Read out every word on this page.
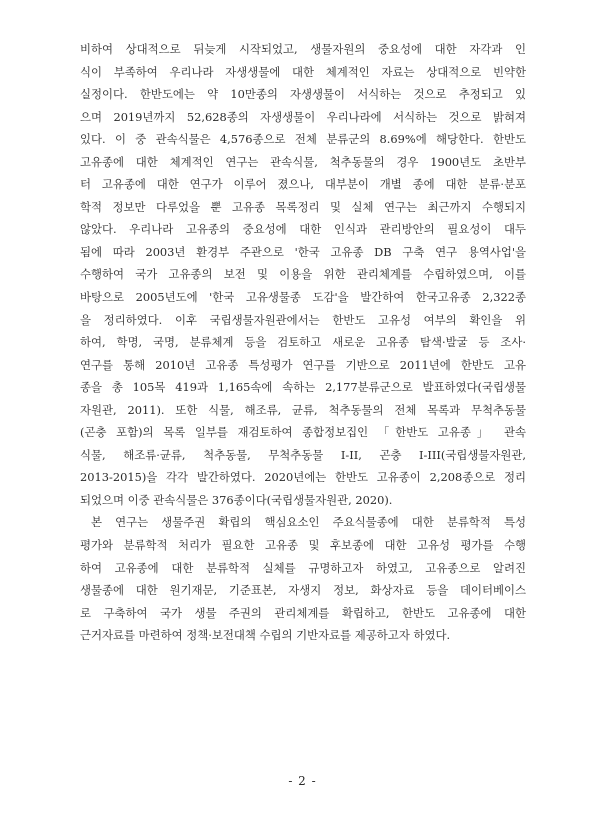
비하여 상대적으로 뒤늦게 시작되었고, 생물자원의 중요성에 대한 자각과 인
식이 부족하여 우리나라 자생생물에 대한 체계적인 자료는 상대적으로 빈약한
실정이다. 한반도에는 약 10만종의 자생생물이 서식하는 것으로 추정되고 있
으며 2019년까지 52,628종의 자생생물이 우리나라에 서식하는 것으로 밝혀져
있다. 이 중 관속식물은 4,576종으로 전체 분류군의 8.69%에 해당한다. 한반도
고유종에 대한 체계적인 연구는 관속식물, 척추동물의 경우 1900년도 초반부
터 고유종에 대한 연구가 이루어 졌으나, 대부분이 개별 종에 대한 분류·분포
학적 정보만 다루었을 뿐 고유종 목록정리 및 실체 연구는 최근까지 수행되지
않았다. 우리나라 고유종의 중요성에 대한 인식과 관리방안의 필요성이 대두
됨에 따라 2003년 환경부 주관으로 '한국 고유종 DB 구축 연구 용역사업'을
수행하여 국가 고유종의 보전 및 이용을 위한 관리체계를 수립하였으며, 이를
바탕으로 2005년도에 '한국 고유생물종 도감'을 발간하여 한국고유종 2,322종
을 정리하였다. 이후 국립생물자원관에서는 한반도 고유성 여부의 확인을 위
하여, 학명, 국명, 분류체계 등을 검토하고 새로운 고유종 탐색·발굴 등 조사·
연구를 통해 2010년 고유종 특성평가 연구를 기반으로 2011년에 한반도 고유
종을 총 105목 419과 1,165속에 속하는 2,177분류군으로 발표하였다(국립생물
자원관, 2011). 또한 식물, 해조류, 균류, 척추동물의 전체 목록과 무척추동물
(곤충 포함)의 목록 일부를 재검토하여 종합정보집인 「한반도 고유종」 관속
식물, 해조류·균류, 척추동물, 무척추동물 I-II, 곤충 I-III(국립생물자원관,
2013-2015)을 각각 발간하였다. 2020년에는 한반도 고유종이 2,208종으로 정리
되었으며 이중 관속식물은 376종이다(국립생물자원관, 2020).
본 연구는 생물주권 확립의 핵심요소인 주요식물종에 대한 분류학적 특성
평가와 분류학적 처리가 필요한 고유종 및 후보종에 대한 고유성 평가를 수행
하여 고유종에 대한 분류학적 실체를 규명하고자 하였고, 고유종으로 알려진
생물종에 대한 원기재문, 기준표본, 자생지 정보, 화상자료 등을 데이터베이스
로 구축하여 국가 생물 주권의 관리체계를 확립하고, 한반도 고유종에 대한
근거자료를 마련하여 정책·보전대책 수립의 기반자료를 제공하고자 하였다.
- 2 -
